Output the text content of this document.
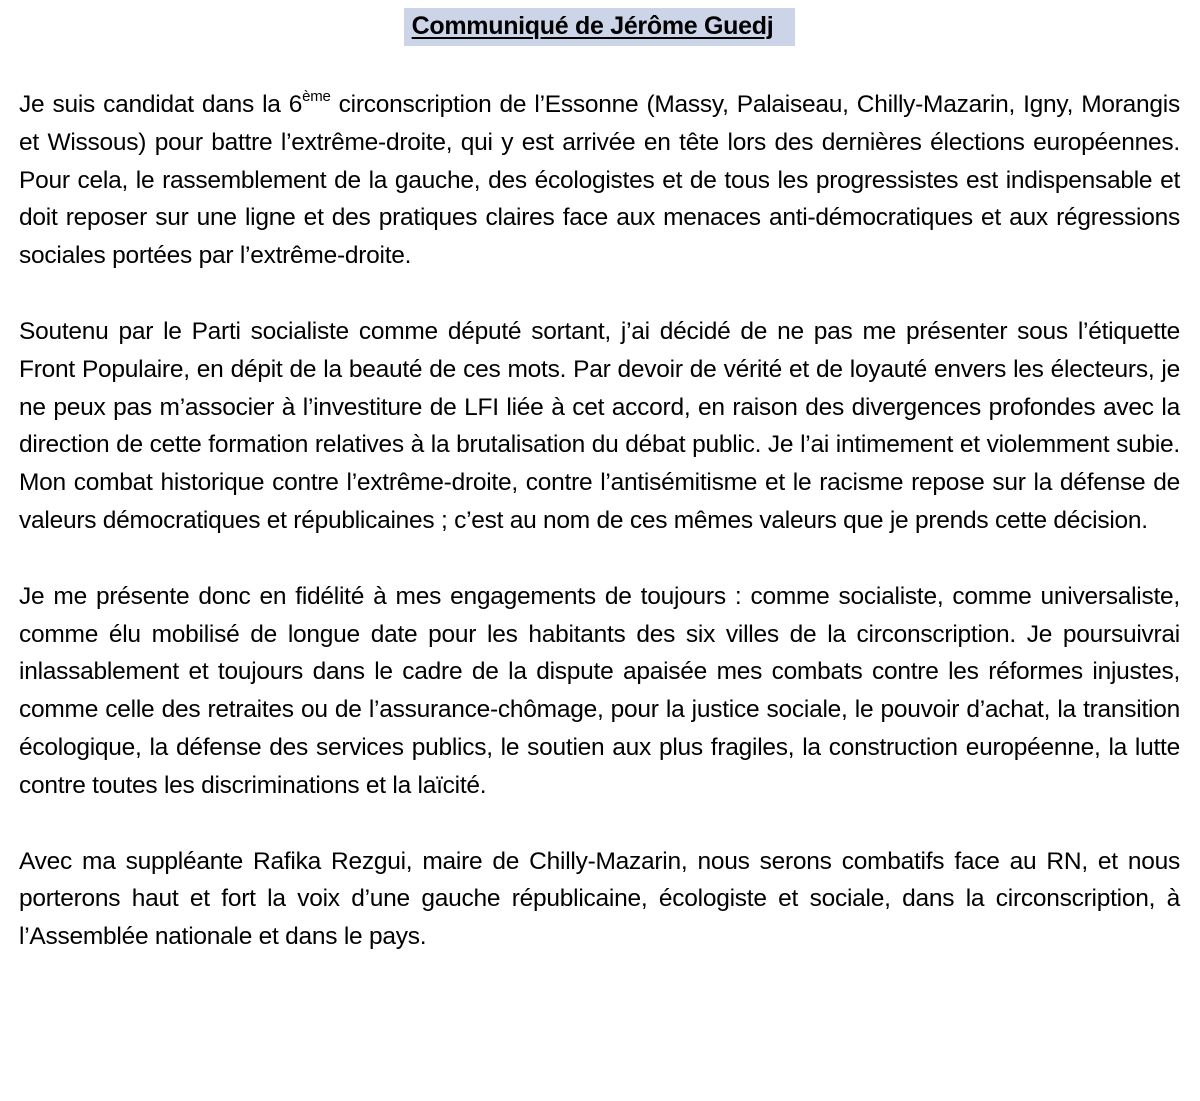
Communiqué de Jérôme Guedj

Je suis candidat dans la 6ème circonscription de l’Essonne (Massy, Palaiseau, Chilly-Mazarin, Igny, Morangis et Wissous) pour battre l’extrême-droite, qui y est arrivée en tête lors des dernières élections européennes. Pour cela, le rassemblement de la gauche, des écologistes et de tous les progressistes est indispensable et doit reposer sur une ligne et des pratiques claires face aux menaces anti-démocratiques et aux régressions sociales portées par l’extrême-droite.

Soutenu par le Parti socialiste comme député sortant, j’ai décidé de ne pas me présenter sous l’étiquette Front Populaire, en dépit de la beauté de ces mots. Par devoir de vérité et de loyauté envers les électeurs, je ne peux pas m’associer à l’investiture de LFI liée à cet accord, en raison des divergences profondes avec la direction de cette formation relatives à la brutalisation du débat public. Je l’ai intimement et violemment subie. Mon combat historique contre l’extrême-droite, contre l’antisémitisme et le racisme repose sur la défense de valeurs démocratiques et républicaines ; c’est au nom de ces mêmes valeurs que je prends cette décision.

Je me présente donc en fidélité à mes engagements de toujours : comme socialiste, comme universaliste, comme élu mobilisé de longue date pour les habitants des six villes de la circonscription. Je poursuivrai inlassablement et toujours dans le cadre de la dispute apaisée mes combats contre les réformes injustes, comme celle des retraites ou de l’assurance-chômage, pour la justice sociale, le pouvoir d’achat, la transition écologique, la défense des services publics, le soutien aux plus fragiles, la construction européenne, la lutte contre toutes les discriminations et la laïcité.

Avec ma suppléante Rafika Rezgui, maire de Chilly-Mazarin, nous serons combatifs face au RN, et nous porterons haut et fort la voix d’une gauche républicaine, écologiste et sociale, dans la circonscription, à l’Assemblée nationale et dans le pays.
